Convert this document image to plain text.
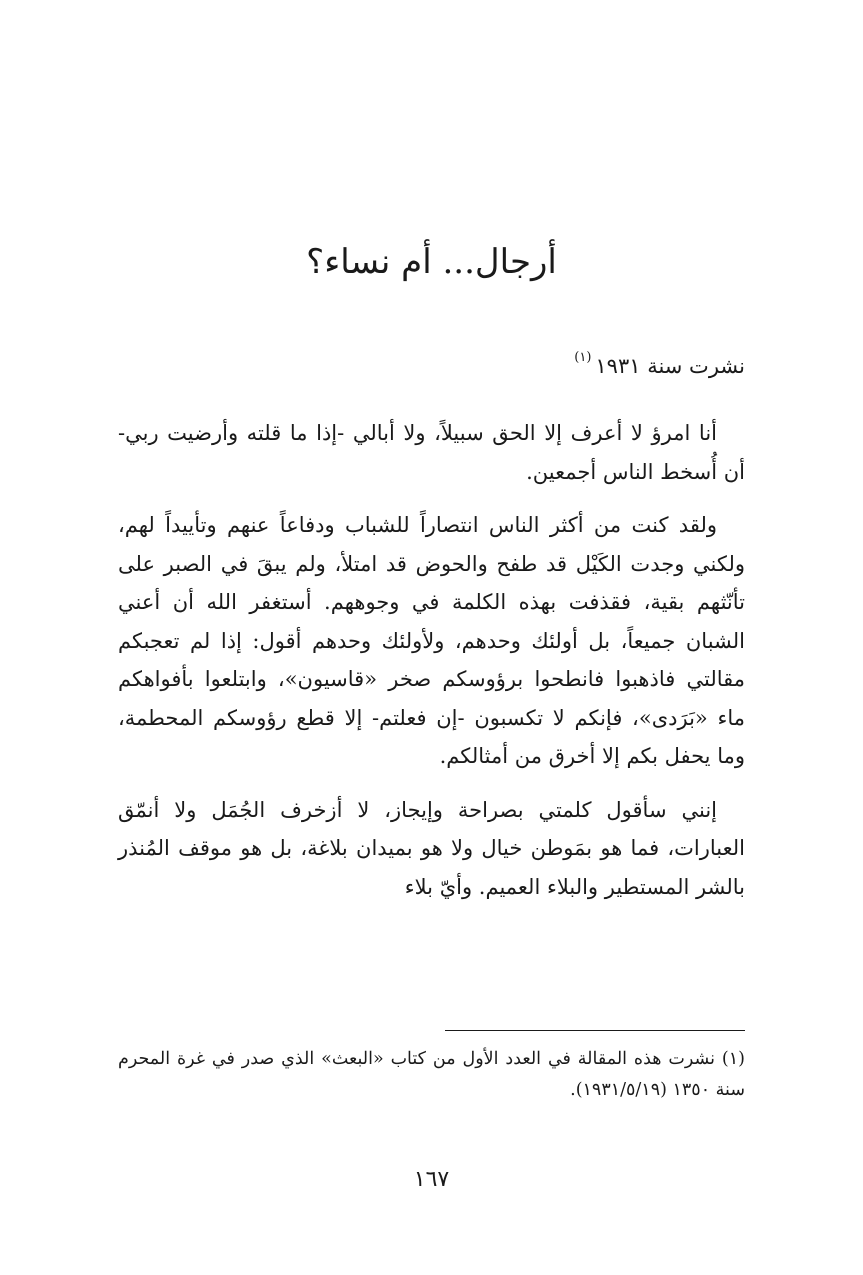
أرجال... أم نساء؟
نشرت سنة ١٩٣١$^{(١)}$

أنا امرؤ لا أعرف إلا الحق سبيلاً، ولا أبالي -إذا ما قلته وأرضيت ربي- أن أُسخط الناس أجمعين.

ولقد كنت من أكثر الناس انتصاراً للشباب ودفاعاً عنهم وتأييداً لهم، ولكني وجدت الكَيْل قد طفح والحوض قد امتلأ، ولم يبقَ في الصبر على تأنّثهم بقية، فقذفت بهذه الكلمة في وجوههم. أستغفر الله أن أعني الشبان جميعاً، بل أولئك وحدهم، ولأولئك وحدهم أقول: إذا لم تعجبكم مقالتي فاذهبوا فانطحوا برؤوسكم صخر «قاسيون»، وابتلعوا بأفواهكم ماء «بَرَدى»، فإنكم لا تكسبون -إن فعلتم- إلا قطع رؤوسكم المحطمة، وما يحفل بكم إلا أخرق من أمثالكم.

إنني سأقول كلمتي بصراحة وإيجاز، لا أزخرف الجُمَل ولا أنمّق العبارات، فما هو بمَوطن خيال ولا هو بميدان بلاغة، بل هو موقف المُنذر بالشر المستطير والبلاء العميم. وأيّ بلاء

(١) نشرت هذه المقالة في العدد الأول من كتاب «البعث» الذي صدر في غرة المحرم سنة ١٣٥٠ (١٩٣١/٥/١٩).
١٦٧
